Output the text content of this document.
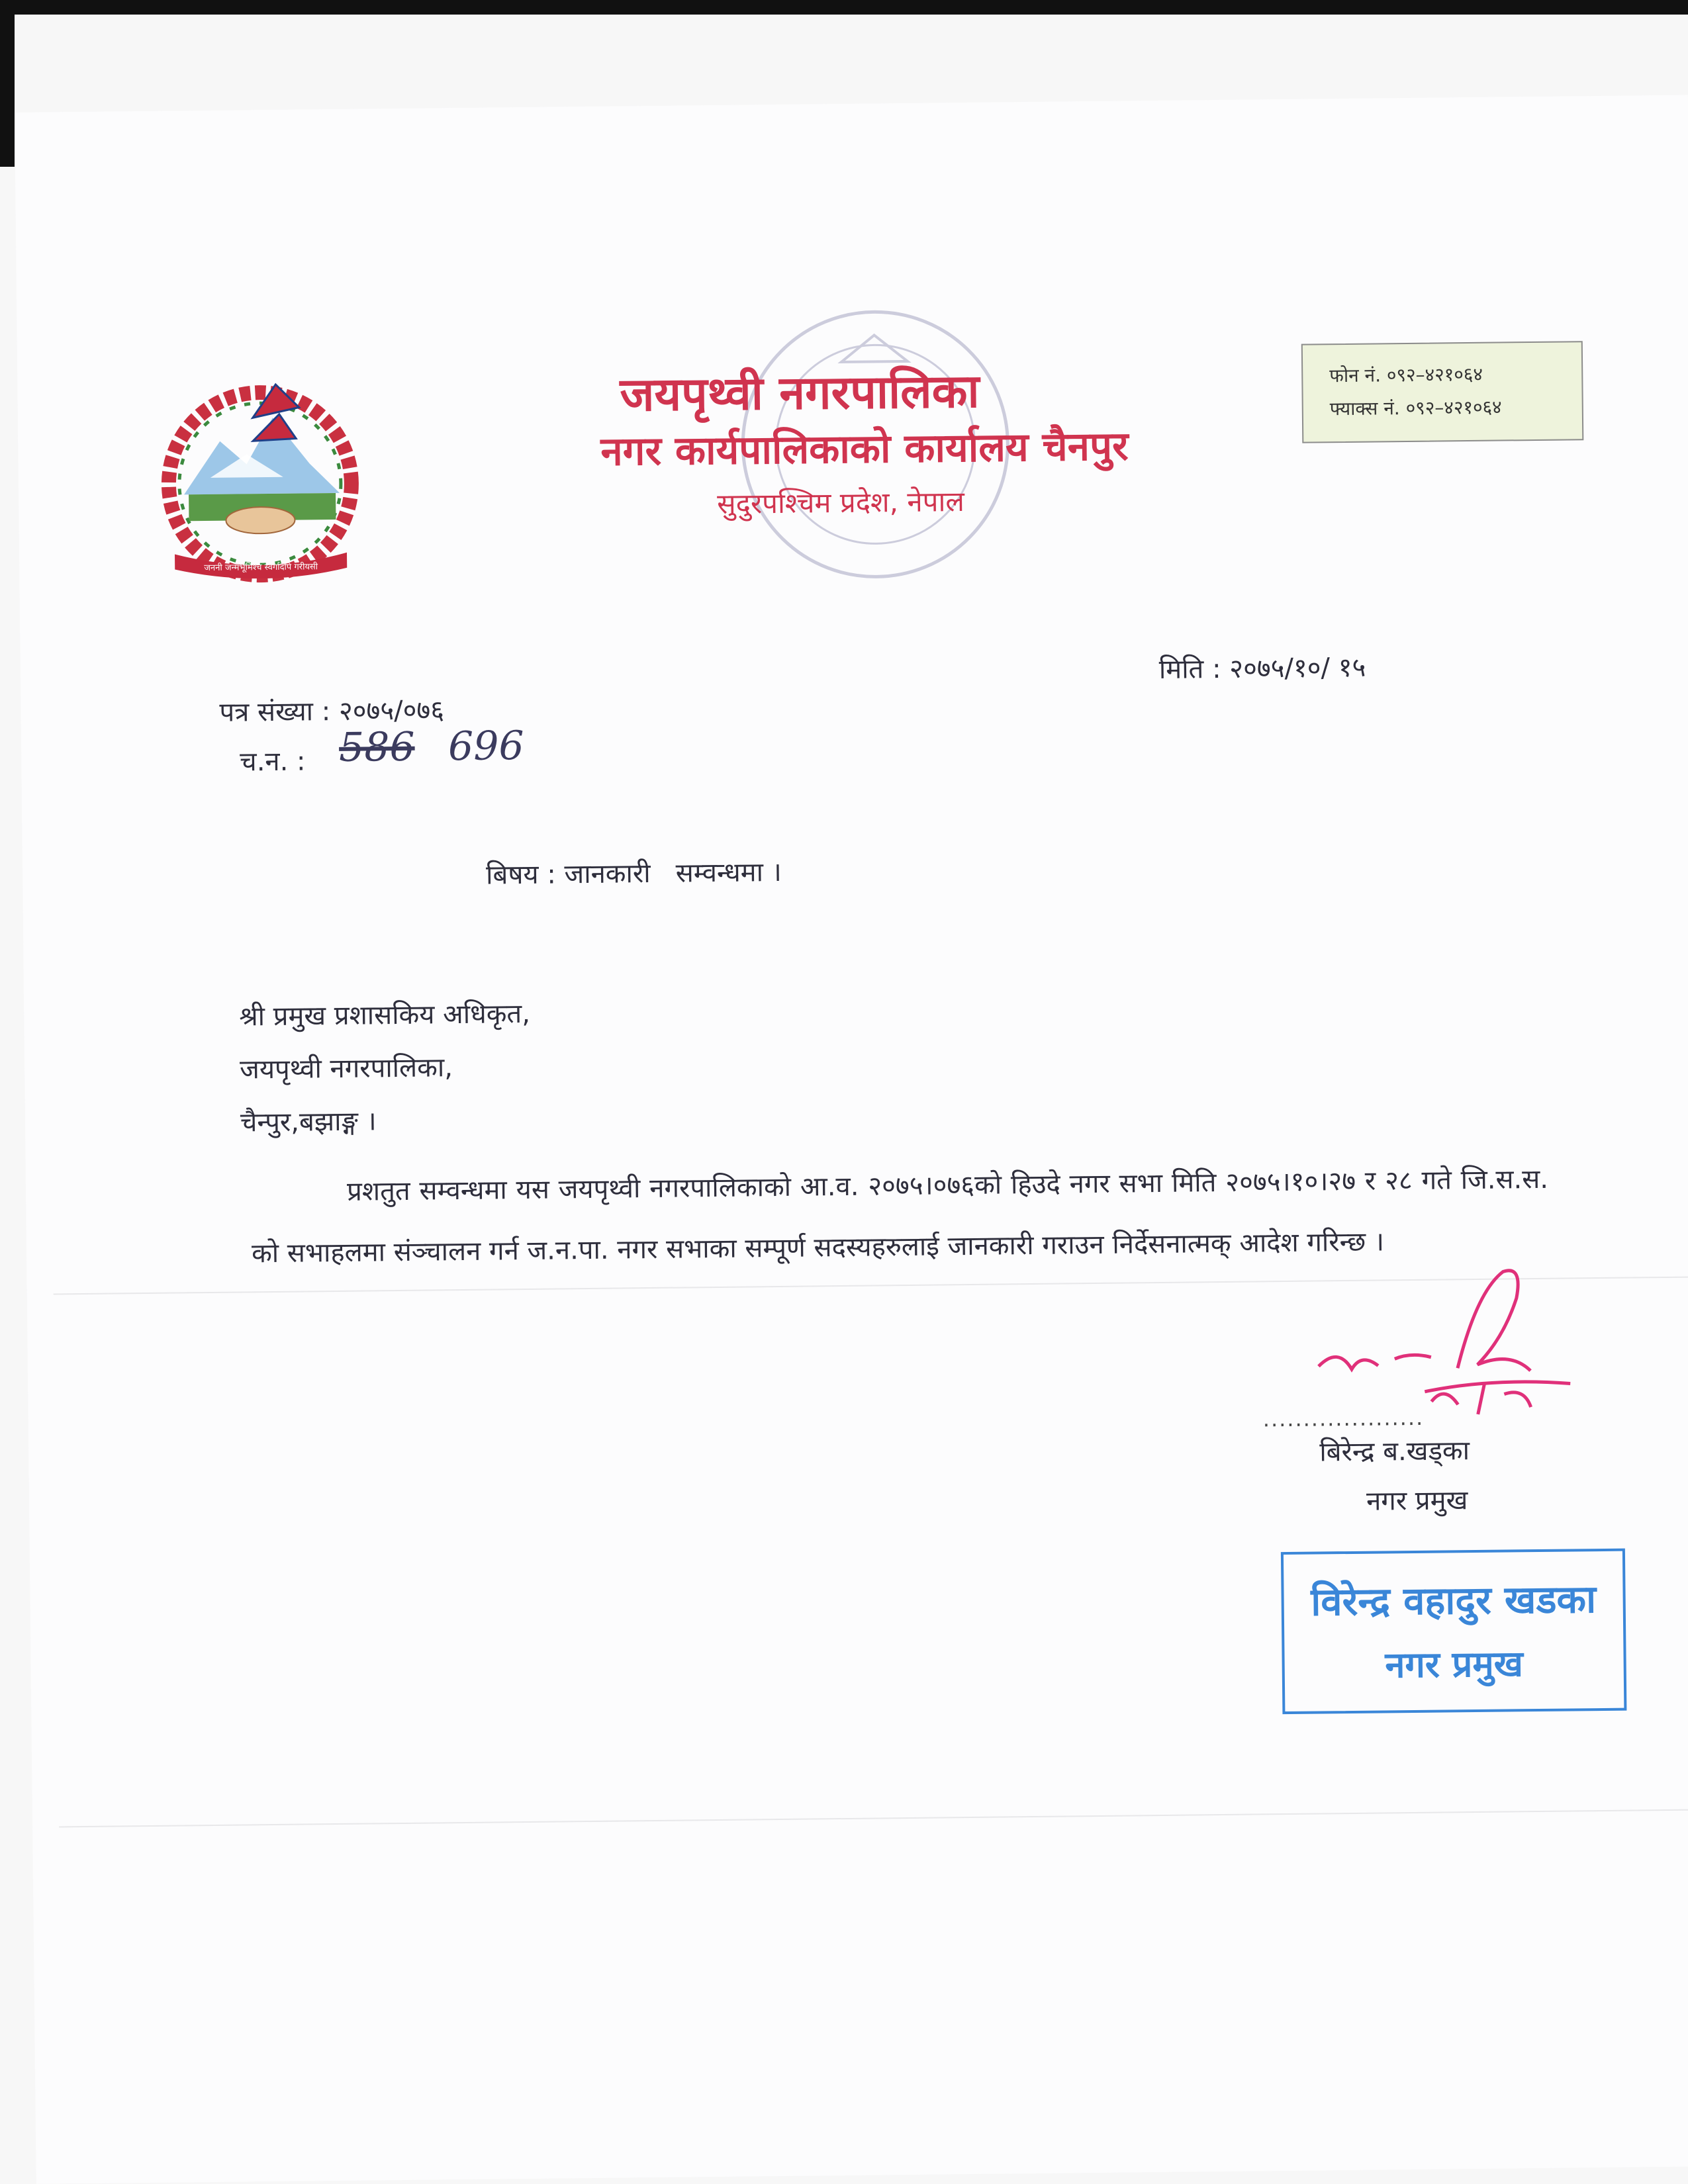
जननी जन्मभूमिश्च स्वर्गादपि गरीयसी
जयपृथ्वी नगरपालिका
नगर कार्यपालिकाको कार्यालय चैनपुर
सुदुरपश्चिम प्रदेश, नेपाल
फोन नं. ०९२–४२१०६४
फ्याक्स नं. ०९२–४२१०६४
मिति : २०७५/१०/ १५
पत्र संख्या : २०७५/०७६
च.न. : 586 696
बिषय : जानकारी   सम्वन्धमा ।
श्री प्रमुख प्रशासकिय अधिकृत,
जयपृथ्वी नगरपालिका,
चैन्पुर,बझाङ्ग ।

प्रशतुत सम्वन्धमा यस जयपृथ्वी नगरपालिकाको आ.व. २०७५।०७६को हिउदे नगर सभा मिति २०७५।१०।२७ र २८ गते जि.स.स. को सभाहलमा संञ्चालन गर्न ज.न.पा. नगर सभाका सम्पूर्ण सदस्यहरुलाई जानकारी गराउन निर्देसनात्मक् आदेश गरिन्छ ।

....................
बिरेन्द्र ब.खड्का
नगर प्रमुख
विरेन्द्र वहादुर खडका
नगर प्रमुख
